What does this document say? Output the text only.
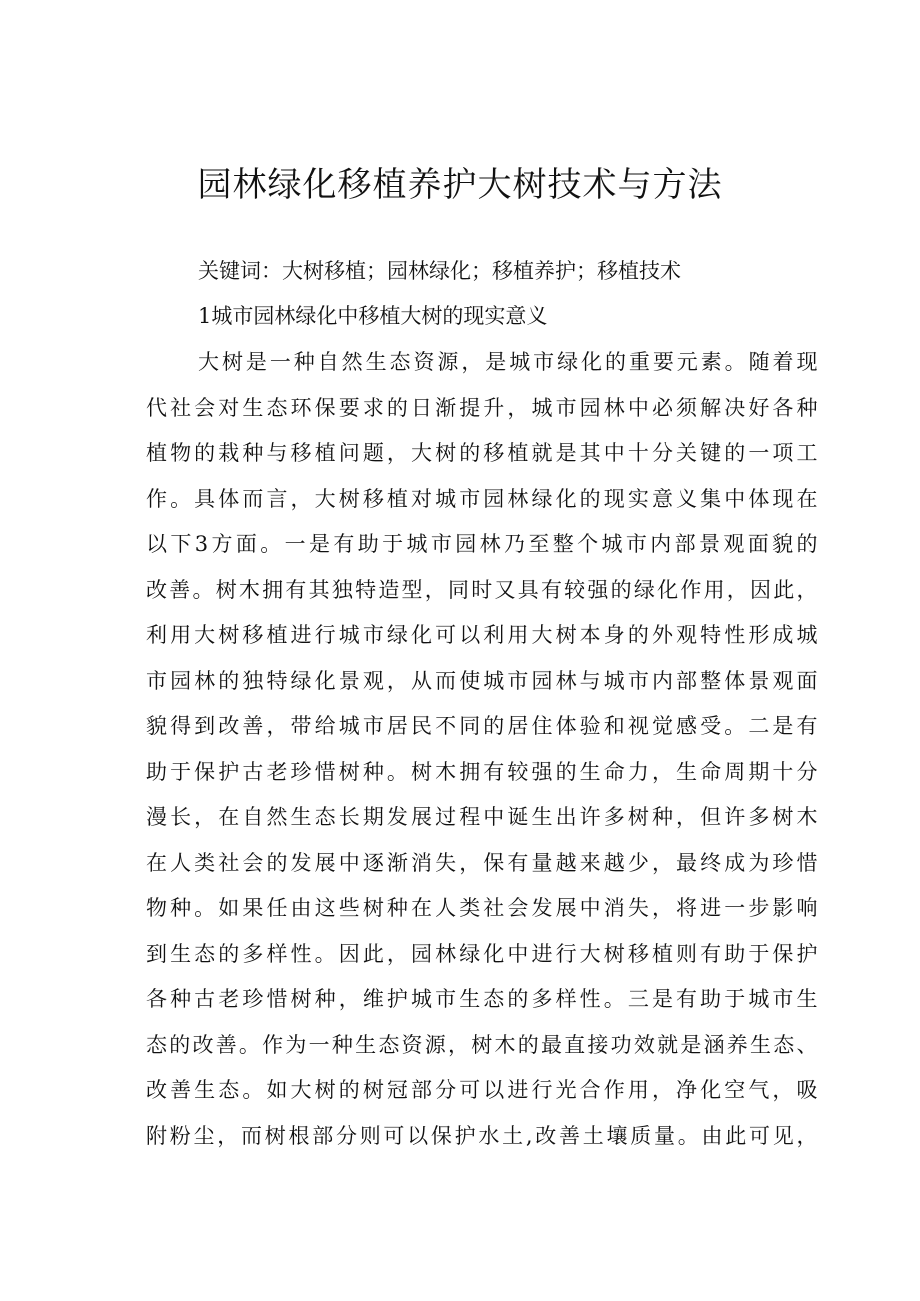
园林绿化移植养护大树技术与方法
关键词：大树移植；园林绿化；移植养护；移植技术
1城市园林绿化中移植大树的现实意义
大树是一种自然生态资源，是城市绿化的重要元素。随着现
代社会对生态环保要求的日渐提升，城市园林中必须解决好各种
植物的栽种与移植问题，大树的移植就是其中十分关键的一项工
作。具体而言，大树移植对城市园林绿化的现实意义集中体现在
以下3方面。一是有助于城市园林乃至整个城市内部景观面貌的
改善。树木拥有其独特造型，同时又具有较强的绿化作用，因此，
利用大树移植进行城市绿化可以利用大树本身的外观特性形成城
市园林的独特绿化景观，从而使城市园林与城市内部整体景观面
貌得到改善，带给城市居民不同的居住体验和视觉感受。二是有
助于保护古老珍惜树种。树木拥有较强的生命力，生命周期十分
漫长，在自然生态长期发展过程中诞生出许多树种，但许多树木
在人类社会的发展中逐渐消失，保有量越来越少，最终成为珍惜
物种。如果任由这些树种在人类社会发展中消失，将进一步影响
到生态的多样性。因此，园林绿化中进行大树移植则有助于保护
各种古老珍惜树种，维护城市生态的多样性。三是有助于城市生
态的改善。作为一种生态资源，树木的最直接功效就是涵养生态、
改善生态。如大树的树冠部分可以进行光合作用，净化空气，吸
附粉尘，而树根部分则可以保护水土,改善土壤质量。由此可见，
